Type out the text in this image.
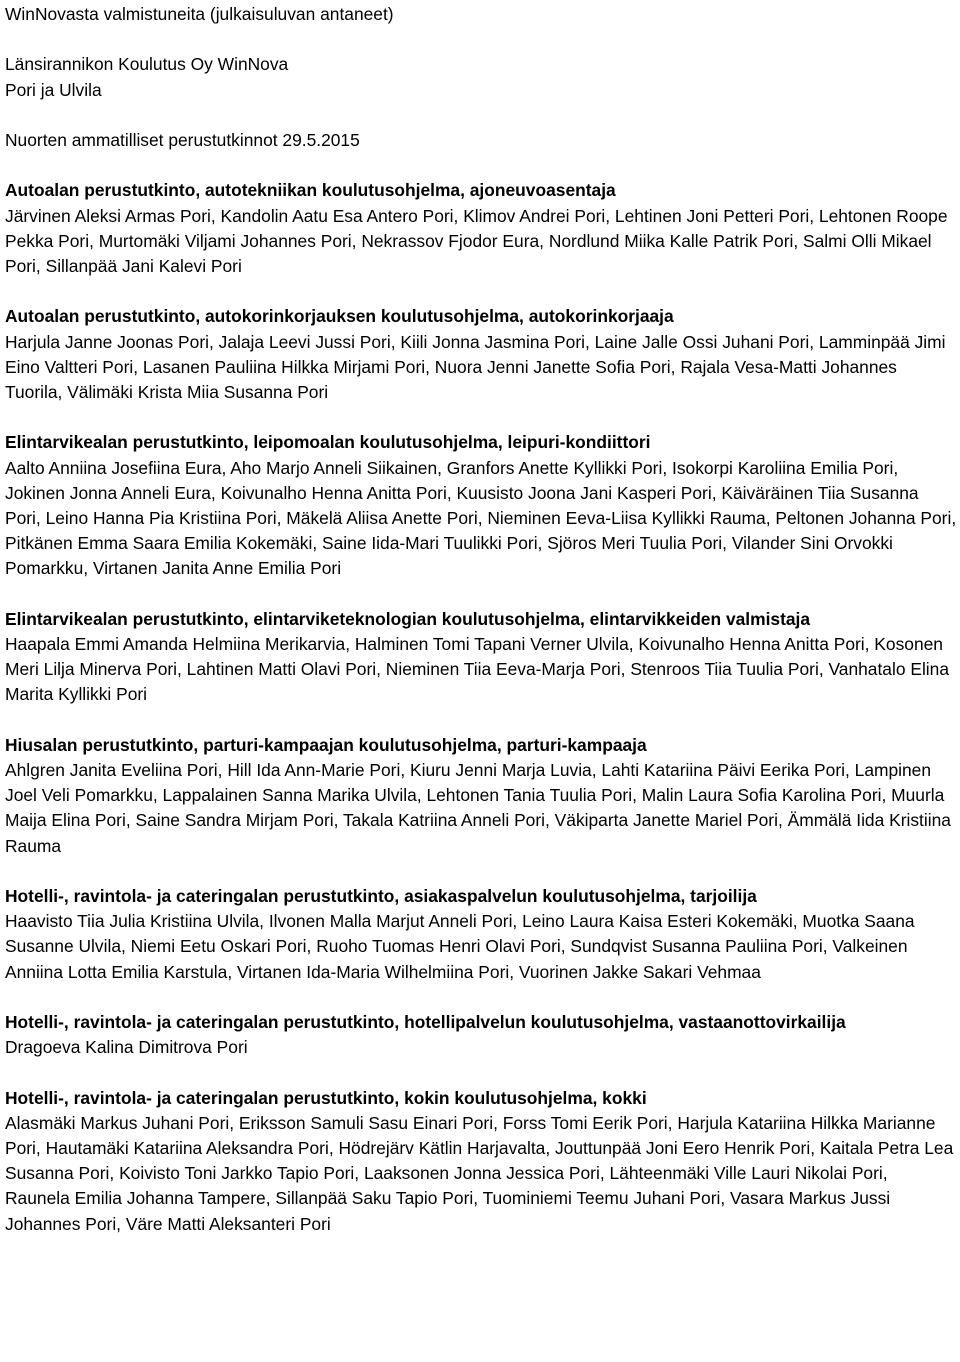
WinNovasta valmistuneita (julkaisuluvan antaneet)

Länsirannikon Koulutus Oy WinNova

Pori ja Ulvila

Nuorten ammatilliset perustutkinnot 29.5.2015

Autoalan perustutkinto, autotekniikan koulutusohjelma, ajoneuvoasentaja

Järvinen Aleksi Armas Pori, Kandolin Aatu Esa Antero Pori, Klimov Andrei Pori, Lehtinen Joni Petteri Pori, Lehtonen Roope Pekka Pori, Murtomäki Viljami Johannes Pori, Nekrassov Fjodor Eura, Nordlund Miika Kalle Patrik Pori, Salmi Olli Mikael Pori, Sillanpää Jani Kalevi Pori

Autoalan perustutkinto, autokorinkorjauksen koulutusohjelma, autokorinkorjaaja

Harjula Janne Joonas Pori, Jalaja Leevi Jussi Pori, Kiili Jonna Jasmina Pori, Laine Jalle Ossi Juhani Pori, Lamminpää Jimi Eino Valtteri Pori, Lasanen Pauliina Hilkka Mirjami Pori, Nuora Jenni Janette Sofia Pori, Rajala Vesa-Matti Johannes Tuorila, Välimäki Krista Miia Susanna Pori

Elintarvikealan perustutkinto, leipomoalan koulutusohjelma, leipuri-kondiittori

Aalto Anniina Josefiina Eura, Aho Marjo Anneli Siikainen, Granfors Anette Kyllikki Pori, Isokorpi Karoliina Emilia Pori, Jokinen Jonna Anneli Eura, Koivunalho Henna Anitta Pori, Kuusisto Joona Jani Kasperi Pori, Käiväräinen Tiia Susanna Pori, Leino Hanna Pia Kristiina Pori, Mäkelä Aliisa Anette Pori, Nieminen Eeva-Liisa Kyllikki Rauma, Peltonen Johanna Pori, Pitkänen Emma Saara Emilia Kokemäki, Saine Iida-Mari Tuulikki Pori, Sjöros Meri Tuulia Pori, Vilander Sini Orvokki Pomarkku, Virtanen Janita Anne Emilia Pori

Elintarvikealan perustutkinto, elintarviketeknologian koulutusohjelma, elintarvikkeiden valmistaja

Haapala Emmi Amanda Helmiina Merikarvia, Halminen Tomi Tapani Verner Ulvila, Koivunalho Henna Anitta Pori, Kosonen Meri Lilja Minerva Pori, Lahtinen Matti Olavi Pori, Nieminen Tiia Eeva-Marja Pori, Stenroos Tiia Tuulia Pori, Vanhatalo Elina Marita Kyllikki Pori

Hiusalan perustutkinto, parturi-kampaajan koulutusohjelma, parturi-kampaaja

Ahlgren Janita Eveliina Pori, Hill Ida Ann-Marie Pori, Kiuru Jenni Marja Luvia, Lahti Katariina Päivi Eerika Pori, Lampinen Joel Veli Pomarkku, Lappalainen Sanna Marika Ulvila, Lehtonen Tania Tuulia Pori, Malin Laura Sofia Karolina Pori, Muurla Maija Elina Pori, Saine Sandra Mirjam Pori, Takala Katriina Anneli Pori, Väkiparta Janette Mariel Pori, Ämmälä Iida Kristiina Rauma

Hotelli-, ravintola- ja cateringalan perustutkinto, asiakaspalvelun koulutusohjelma, tarjoilija

Haavisto Tiia Julia Kristiina Ulvila, Ilvonen Malla Marjut Anneli Pori, Leino Laura Kaisa Esteri Kokemäki, Muotka Saana Susanne Ulvila, Niemi Eetu Oskari Pori, Ruoho Tuomas Henri Olavi Pori, Sundqvist Susanna Pauliina Pori, Valkeinen Anniina Lotta Emilia Karstula, Virtanen Ida-Maria Wilhelmiina Pori, Vuorinen Jakke Sakari Vehmaa

Hotelli-, ravintola- ja cateringalan perustutkinto, hotellipalvelun koulutusohjelma, vastaanottovirkailija

Dragoeva Kalina Dimitrova Pori

Hotelli-, ravintola- ja cateringalan perustutkinto, kokin koulutusohjelma, kokki

Alasmäki Markus Juhani Pori, Eriksson Samuli Sasu Einari Pori, Forss Tomi Eerik Pori, Harjula Katariina Hilkka Marianne Pori, Hautamäki Katariina Aleksandra Pori, Hödrejärv Kätlin Harjavalta, Jouttunpää Joni Eero Henrik Pori, Kaitala Petra Lea Susanna Pori, Koivisto Toni Jarkko Tapio Pori, Laaksonen Jonna Jessica Pori, Lähteenmäki Ville Lauri Nikolai Pori, Raunela Emilia Johanna Tampere, Sillanpää Saku Tapio Pori, Tuominiemi Teemu Juhani Pori, Vasara Markus Jussi Johannes Pori, Väre Matti Aleksanteri Pori
